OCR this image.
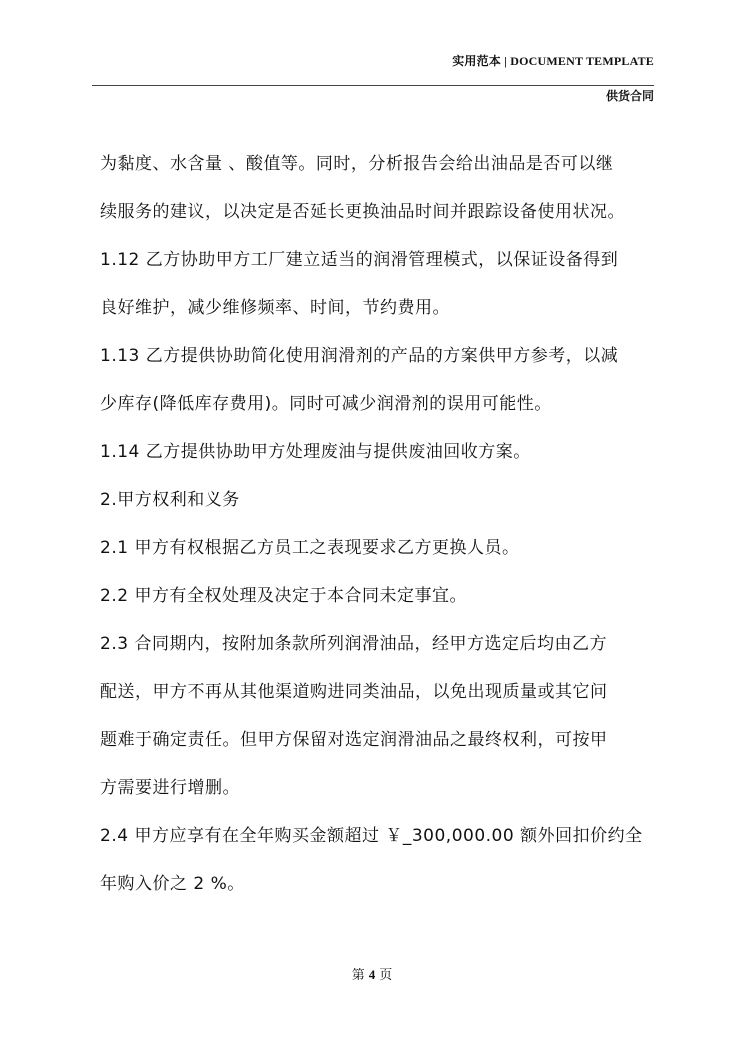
实用范本 | DOCUMENT TEMPLATE
供货合同

为黏度、水含量 、酸值等。同时，分析报告会给出油品是否可以继

续服务的建议，以决定是否延长更换油品时间并跟踪设备使用状况。

1.12 乙方协助甲方工厂建立适当的润滑管理模式，以保证设备得到

良好维护，减少维修频率、时间，节约费用。

1.13 乙方提供协助简化使用润滑剂的产品的方案供甲方参考，以减

少库存(降低库存费用)。同时可减少润滑剂的误用可能性。

1.14 乙方提供协助甲方处理废油与提供废油回收方案。

2.甲方权利和义务

2.1 甲方有权根据乙方员工之表现要求乙方更换人员。

2.2 甲方有全权处理及决定于本合同未定事宜。

2.3 合同期内，按附加条款所列润滑油品，经甲方选定后均由乙方

配送，甲方不再从其他渠道购进同类油品，以免出现质量或其它问

题难于确定责任。但甲方保留对选定润滑油品之最终权利，可按甲

方需要进行增删。

2.4 甲方应享有在全年购买金额超过 ￥_300,000.00 额外回扣价约全

年购入价之 2 %。

第 4 页
